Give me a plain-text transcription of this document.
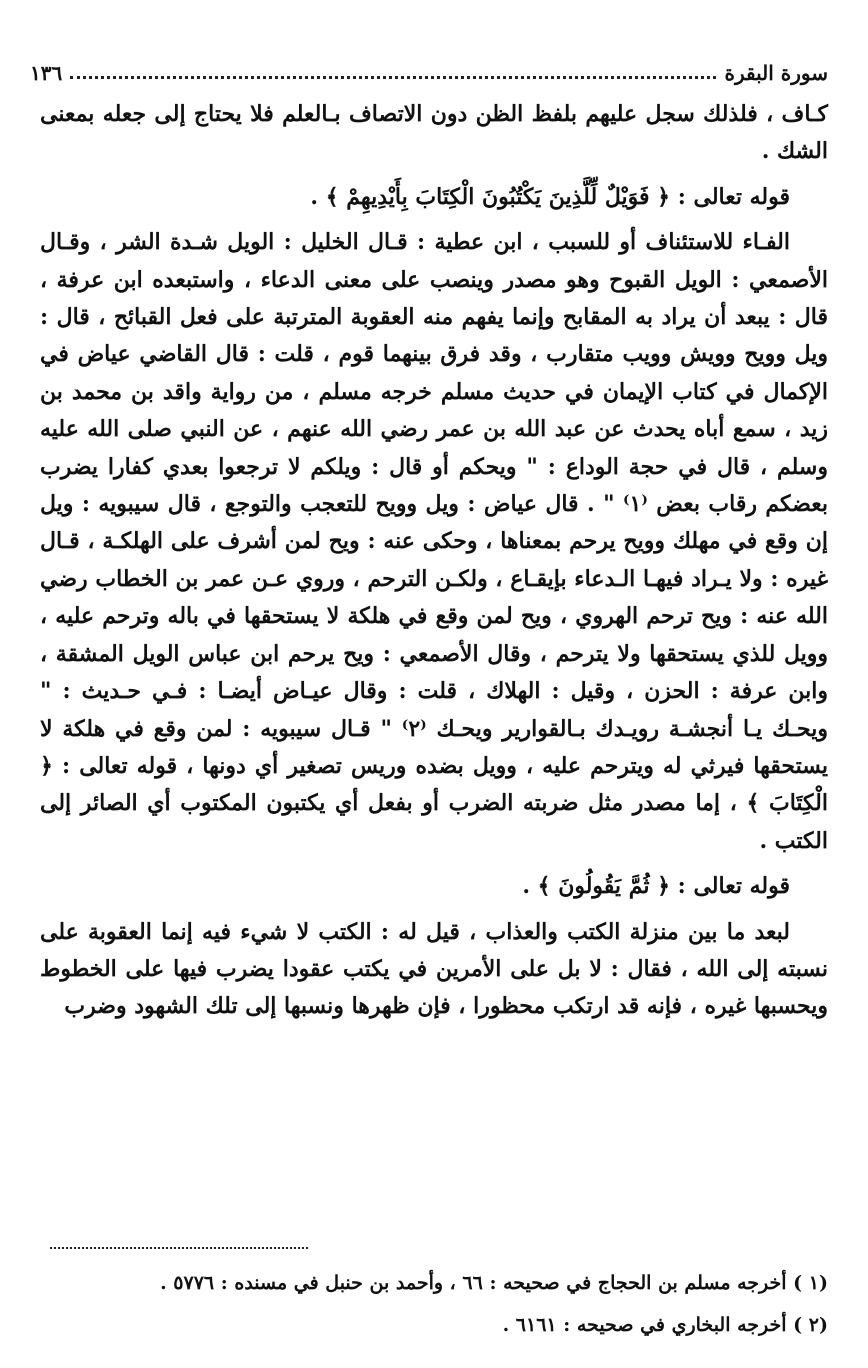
سورة البقرة
١٣٦

كـاف ، فلذلك سجل عليهم بلفظ الظن دون الاتصاف بـالعلم فلا يحتاج إلى جعله بمعنى الشك .

قوله تعالى : ﴿ فَوَيْلٌ لِّلَّذِينَ يَكْتُبُونَ الْكِتَابَ بِأَيْدِيهِمْ ﴾ .

الفـاء للاستئناف أو للسبب ، ابن عطية : قـال الخليل : الويل شـدة الشر ، وقـال الأصمعي : الويل القبوح وهو مصدر وينصب على معنى الدعاء ، واستبعده ابن عرفة ، قال : يبعد أن يراد به المقابح وإنما يفهم منه العقوبة المترتبة على فعل القبائح ، قال : ويل وويح وويش وويب متقارب ، وقد فرق بينهما قوم ، قلت : قال القاضي عياض في الإكمال في كتاب الإيمان في حديث مسلم خرجه مسلم ، من رواية واقد بن محمد بن زيد ، سمع أباه يحدث عن عبد الله بن عمر رضي الله عنهم ، عن النبي صلى الله عليه وسلم ، قال في حجة الوداع : " ويحكم أو قال : ويلكم لا ترجعوا بعدي كفارا يضرب بعضكم رقاب بعض ⁽١⁾ " . قال عياض : ويل وويح للتعجب والتوجع ، قال سيبويه : ويل إن وقع في مهلك وويح يرحم بمعناها ، وحكى عنه : ويح لمن أشرف على الهلكـة ، قـال غيره : ولا يـراد فيهـا الـدعاء بإيقـاع ، ولكـن الترحم ، وروي عـن عمر بن الخطاب رضي الله عنه : ويح ترحم الهروي ، ويح لمن وقع في هلكة لا يستحقها في باله وترحم عليه ، وويل للذي يستحقها ولا يترحم ، وقال الأصمعي : ويح يرحم ابن عباس الويل المشقة ، وابن عرفة : الحزن ، وقيل : الهلاك ، قلت : وقال عيـاض أيضـا : فـي حـديث : " ويحـك يـا أنجشـة رويـدك بـالقوارير ويحـك ⁽٢⁾ " قـال سيبويه : لمن وقع في هلكة لا يستحقها فيرثي له ويترحم عليه ، وويل بضده وريس تصغير أي دونها ، قوله تعالى : ﴿ الْكِتَابَ ﴾ ، إما مصدر مثل ضربته الضرب أو بفعل أي يكتبون المكتوب أي الصائر إلى الكتب .

قوله تعالى : ﴿ ثُمَّ يَقُولُونَ ﴾ .

لبعد ما بين منزلة الكتب والعذاب ، قيل له : الكتب لا شيء فيه إنما العقوبة على نسبته إلى الله ، فقال : لا بل على الأمرين في يكتب عقودا يضرب فيها على الخطوط ويحسبها غيره ، فإنه قد ارتكب محظورا ، فإن ظهرها ونسبها إلى تلك الشهود وضرب

(١ ) أخرجه مسلم بن الحجاج في صحيحه : ٦٦ ، وأحمد بن حنبل في مسنده : ٥٧٧٦ .

(٢ ) أخرجه البخاري في صحيحه : ٦١٦١ .
